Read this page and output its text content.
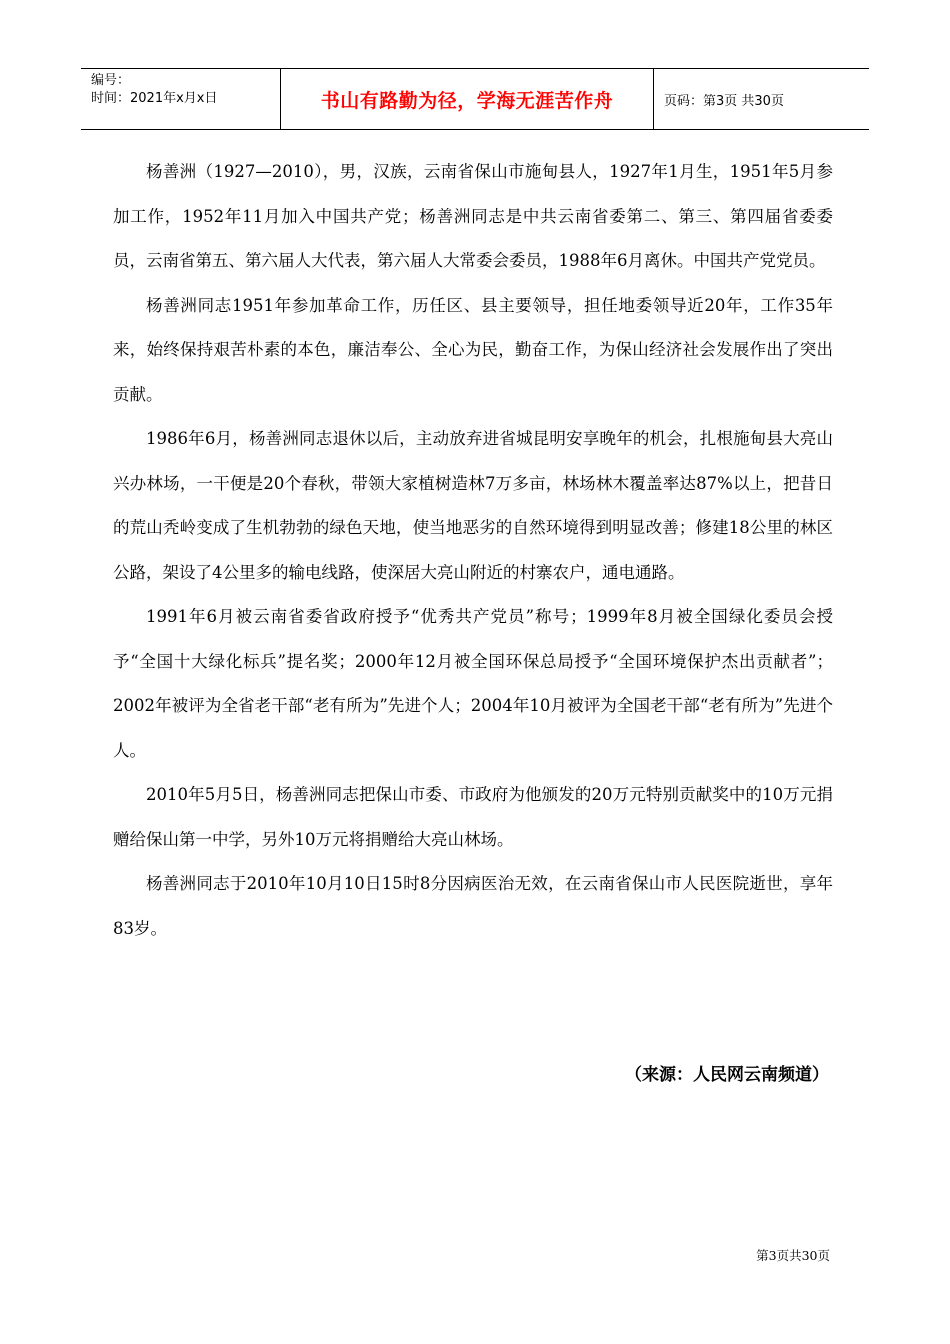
编号：
时间：2021年x月x日	书山有路勤为径，学海无涯苦作舟	页码：第3页 共30页

杨善洲（1927—2010），男，汉族，云南省保山市施甸县人，1927年1月生，1951年5月参加工作，1952年11月加入中国共产党；杨善洲同志是中共云南省委第二、第三、第四届省委委员，云南省第五、第六届人大代表，第六届人大常委会委员，1988年6月离休。中国共产党党员。

杨善洲同志1951年参加革命工作，历任区、县主要领导，担任地委领导近20年，工作35年来，始终保持艰苦朴素的本色，廉洁奉公、全心为民，勤奋工作，为保山经济社会发展作出了突出贡献。

1986年6月，杨善洲同志退休以后，主动放弃进省城昆明安享晚年的机会，扎根施甸县大亮山兴办林场，一干便是20个春秋，带领大家植树造林7万多亩，林场林木覆盖率达87%以上，把昔日的荒山秃岭变成了生机勃勃的绿色天地，使当地恶劣的自然环境得到明显改善；修建18公里的林区公路，架设了4公里多的输电线路，使深居大亮山附近的村寨农户，通电通路。

1991年6月被云南省委省政府授予“优秀共产党员”称号；1999年8月被全国绿化委员会授予“全国十大绿化标兵”提名奖；2000年12月被全国环保总局授予“全国环境保护杰出贡献者”；2002年被评为全省老干部“老有所为”先进个人；2004年10月被评为全国老干部“老有所为”先进个人。

2010年5月5日，杨善洲同志把保山市委、市政府为他颁发的20万元特别贡献奖中的10万元捐赠给保山第一中学，另外10万元将捐赠给大亮山林场。

杨善洲同志于2010年10月10日15时8分因病医治无效，在云南省保山市人民医院逝世，享年83岁。

（来源：人民网云南频道）
第3页共30页
